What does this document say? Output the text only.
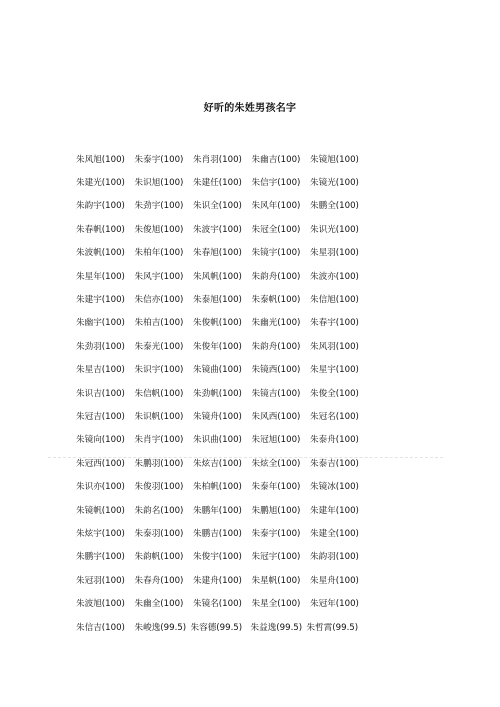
好听的朱姓男孩名字
朱风旭(100)	朱泰宇(100)	朱肖羽(100)	朱幽吉(100)	朱镜旭(100)
朱建光(100)	朱识旭(100)	朱建任(100)	朱信宇(100)	朱镜光(100)
朱韵宇(100)	朱劲宇(100)	朱识全(100)	朱风年(100)	朱鹏全(100)
朱春帆(100)	朱俊旭(100)	朱波宇(100)	朱冠全(100)	朱识光(100)
朱波帆(100)	朱柏年(100)	朱春旭(100)	朱镜宇(100)	朱星羽(100)
朱星年(100)	朱风宇(100)	朱风帆(100)	朱韵舟(100)	朱波亦(100)
朱建宇(100)	朱信亦(100)	朱泰旭(100)	朱泰帆(100)	朱信旭(100)
朱幽宇(100)	朱柏吉(100)	朱俊帆(100)	朱幽光(100)	朱春宇(100)
朱劲羽(100)	朱泰光(100)	朱俊年(100)	朱韵舟(100)	朱风羽(100)
朱星吉(100)	朱识宇(100)	朱镜曲(100)	朱镜西(100)	朱星宇(100)
朱识吉(100)	朱信帆(100)	朱劲帆(100)	朱镜吉(100)	朱俊全(100)
朱冠吉(100)	朱识帆(100)	朱镜舟(100)	朱风西(100)	朱冠名(100)
朱镜向(100)	朱肖宇(100)	朱识曲(100)	朱冠旭(100)	朱泰舟(100)
朱冠西(100)	朱鹏羽(100)	朱炫吉(100)	朱炫全(100)	朱泰吉(100)
朱识亦(100)	朱俊羽(100)	朱柏帆(100)	朱泰年(100)	朱镜冰(100)
朱镜帆(100)	朱韵名(100)	朱鹏年(100)	朱鹏旭(100)	朱建年(100)
朱炫宇(100)	朱泰羽(100)	朱鹏吉(100)	朱泰宇(100)	朱建全(100)
朱鹏宇(100)	朱韵帆(100)	朱俊宇(100)	朱冠宇(100)	朱韵羽(100)
朱冠羽(100)	朱春舟(100)	朱建舟(100)	朱星帆(100)	朱星舟(100)
朱波旭(100)	朱幽全(100)	朱镜名(100)	朱星全(100)	朱冠年(100)
朱信吉(100)	朱峻逸(99.5) 朱容德(99.5) 朱益逸(99.5) 朱哲霄(99.5)
